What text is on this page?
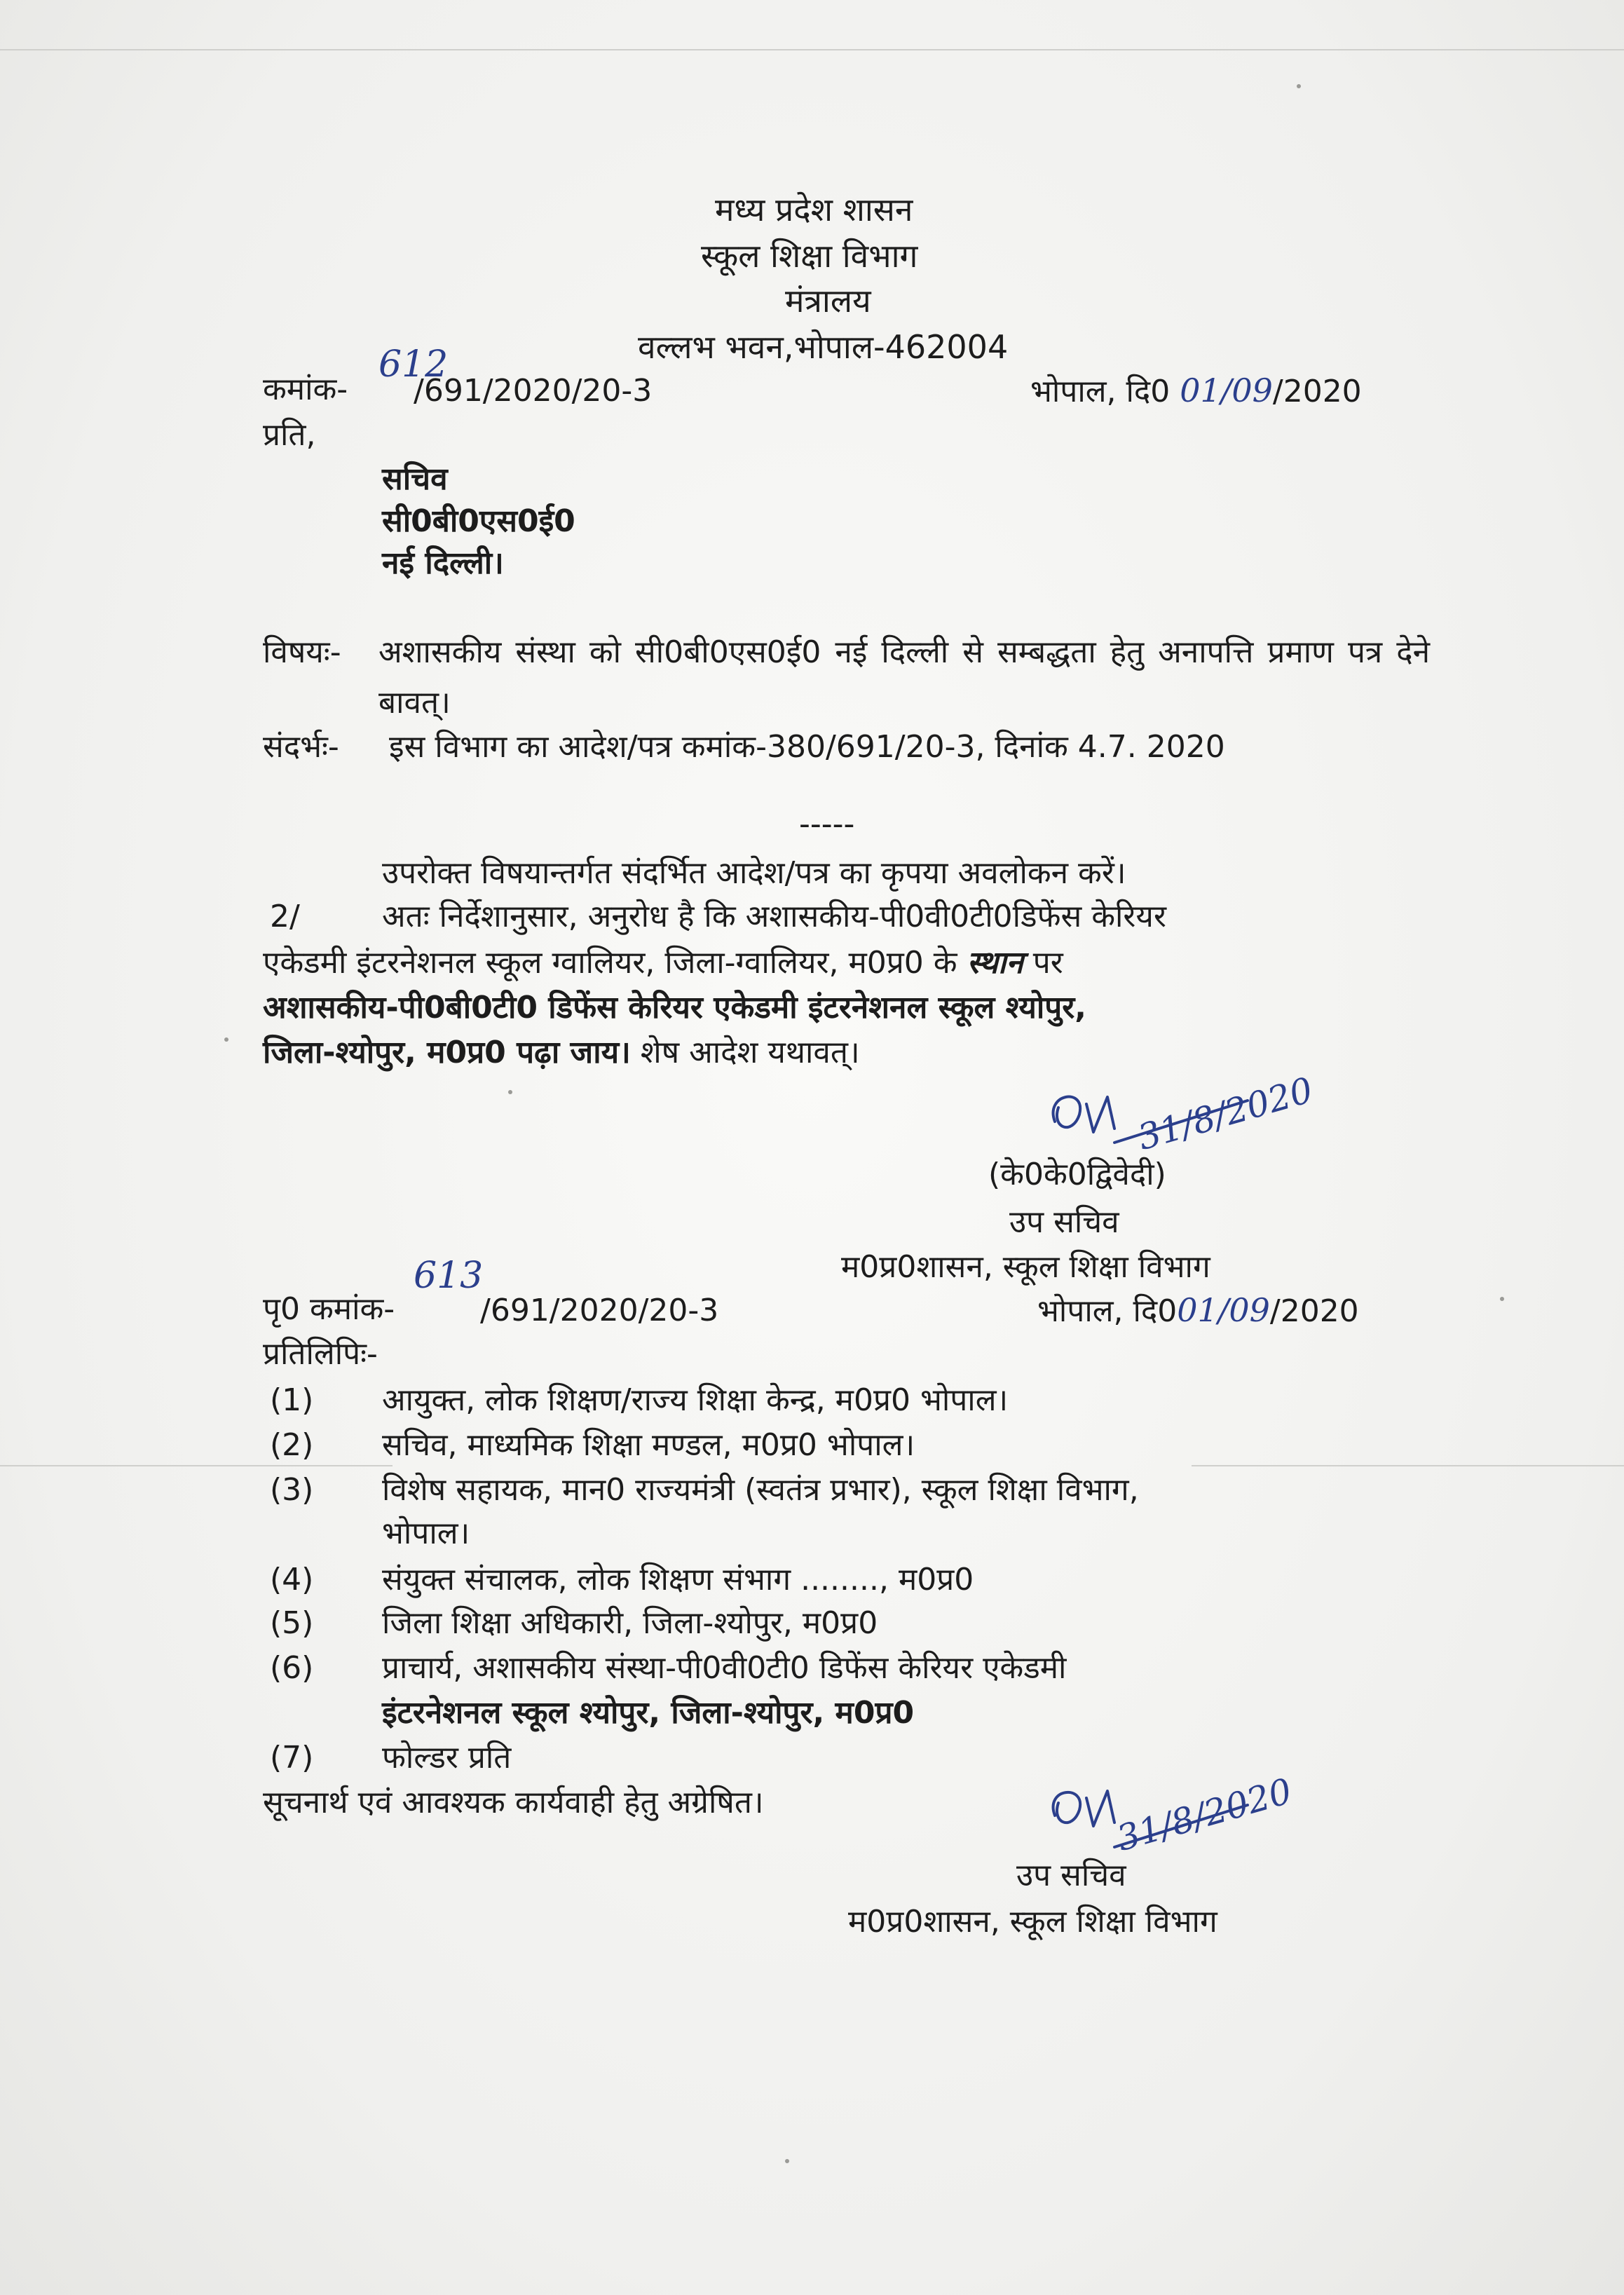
मध्य प्रदेश शासन
स्कूल शिक्षा विभाग
मंत्रालय
वल्लभ भवन,भोपाल-462004
612
कमांक- /691/2020/20-3	भोपाल, दि0 01/09/2020
प्रति,
सचिव
सी0बी0एस0ई0
नई दिल्ली।
विषयः- अशासकीय संस्था को सी0बी0एस0ई0 नई दिल्ली से सम्बद्धता हेतु अनापत्ति प्रमाण पत्र देने बावत्।
संदर्भः- इस विभाग का आदेश/पत्र कमांक-380/691/20-3, दिनांक 4.7. 2020
-----
उपरोक्त विषयान्तर्गत संदर्भित आदेश/पत्र का कृपया अवलोकन करें।
2/	अतः निर्देशानुसार, अनुरोध है कि अशासकीय-पी0वी0टी0डिफेंस केरियर
एकेडमी इंटरनेशनल स्कूल ग्वालियर, जिला-ग्वालियर, म0प्र0 के स्थान पर
अशासकीय-पी0बी0टी0 डिफेंस केरियर एकेडमी इंटरनेशनल स्कूल श्योपुर,
जिला-श्योपुर, म0प्र0 पढ़ा जाय। शेष आदेश यथावत्।
31/8/2020
(के0के0द्विवेदी)
उप सचिव
म0प्र0शासन, स्कूल शिक्षा विभाग
613
पृ0 कमांक-	/691/2020/20-3	भोपाल, दि001/09/2020
प्रतिलिपिः-
(1) आयुक्त, लोक शिक्षण/राज्य शिक्षा केन्द्र, म0प्र0 भोपाल।
(2) सचिव, माध्यमिक शिक्षा मण्डल, म0प्र0 भोपाल।
(3) विशेष सहायक, मान0 राज्यमंत्री (स्वतंत्र प्रभार), स्कूल शिक्षा विभाग,
भोपाल।
(4) संयुक्त संचालक, लोक शिक्षण संभाग ........, म0प्र0
(5) जिला शिक्षा अधिकारी, जिला-श्योपुर, म0प्र0
(6) प्राचार्य, अशासकीय संस्था-पी0वी0टी0 डिफेंस केरियर एकेडमी
इंटरनेशनल स्कूल श्योपुर, जिला-श्योपुर, म0प्र0
(7) फोल्डर प्रति
सूचनार्थ एवं आवश्यक कार्यवाही हेतु अग्रेषित।	31/8/2020
उप सचिव
म0प्र0शासन, स्कूल शिक्षा विभाग
